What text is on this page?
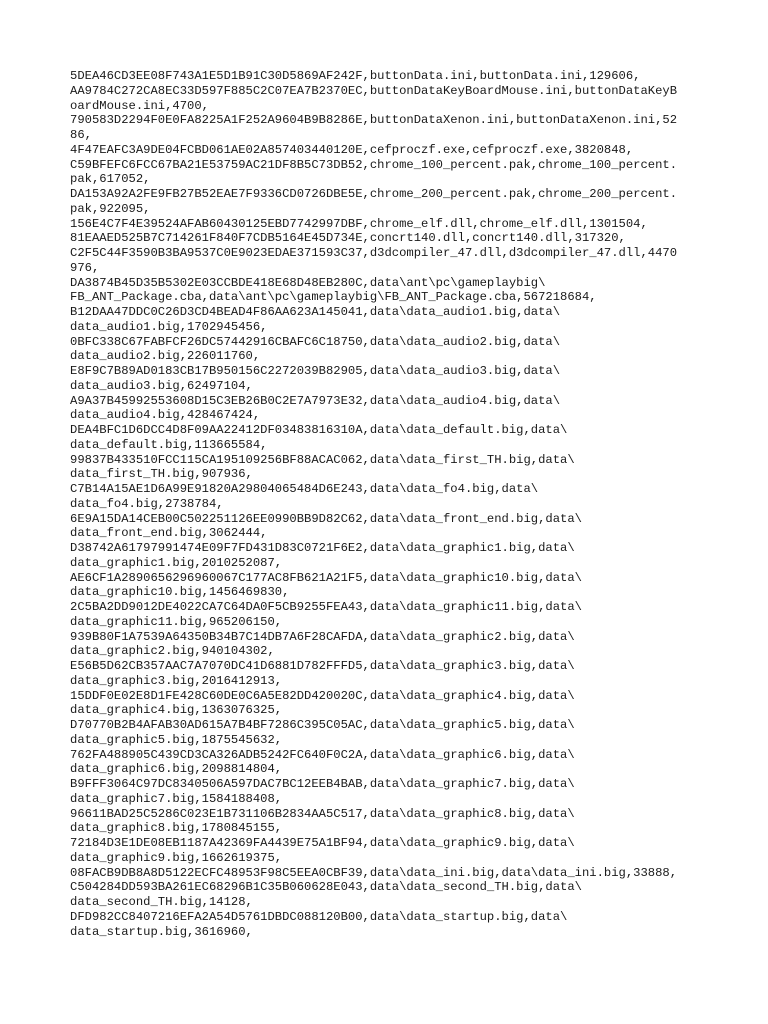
5DEA46CD3EE08F743A1E5D1B91C30D5869AF242F,buttonData.ini,buttonData.ini,129606,
AA9784C272CA8EC33D597F885C2C07EA7B2370EC,buttonDataKeyBoardMouse.ini,buttonDataKeyB
oardMouse.ini,4700,
790583D2294F0E0FA8225A1F252A9604B9B8286E,buttonDataXenon.ini,buttonDataXenon.ini,52
86,
4F47EAFC3A9DE04FCBD061AE02A857403440120E,cefproczf.exe,cefproczf.exe,3820848,
C59BFEFC6FCC67BA21E53759AC21DF8B5C73DB52,chrome_100_percent.pak,chrome_100_percent.
pak,617052,
DA153A92A2FE9FB27B52EAE7F9336CD0726DBE5E,chrome_200_percent.pak,chrome_200_percent.
pak,922095,
156E4C7F4E39524AFAB60430125EBD7742997DBF,chrome_elf.dll,chrome_elf.dll,1301504,
81EAAED525B7C714261F840F7CDB5164E45D734E,concrt140.dll,concrt140.dll,317320,
C2F5C44F3590B3BA9537C0E9023EDAE371593C37,d3dcompiler_47.dll,d3dcompiler_47.dll,4470
976,
DA3874B45D35B5302E03CCBDE418E68D48EB280C,data\ant\pc\gameplaybig\
FB_ANT_Package.cba,data\ant\pc\gameplaybig\FB_ANT_Package.cba,567218684,
B12DAA47DDC0C26D3CD4BEAD4F86AA623A145041,data\data_audio1.big,data\
data_audio1.big,1702945456,
0BFC338C67FABFCF26DC57442916CBAFC6C18750,data\data_audio2.big,data\
data_audio2.big,226011760,
E8F9C7B89AD0183CB17B950156C2272039B82905,data\data_audio3.big,data\
data_audio3.big,62497104,
A9A37B45992553608D15C3EB26B0C2E7A7973E32,data\data_audio4.big,data\
data_audio4.big,428467424,
DEA4BFC1D6DCC4D8F09AA22412DF03483816310A,data\data_default.big,data\
data_default.big,113665584,
99837B433510FCC115CA195109256BF88ACAC062,data\data_first_TH.big,data\
data_first_TH.big,907936,
C7B14A15AE1D6A99E91820A29804065484D6E243,data\data_fo4.big,data\
data_fo4.big,2738784,
6E9A15DA14CEB00C502251126EE0990BB9D82C62,data\data_front_end.big,data\
data_front_end.big,3062444,
D38742A61797991474E09F7FD431D83C0721F6E2,data\data_graphic1.big,data\
data_graphic1.big,2010252087,
AE6CF1A2890656296960067C177AC8FB621A21F5,data\data_graphic10.big,data\
data_graphic10.big,1456469830,
2C5BA2DD9012DE4022CA7C64DA0F5CB9255FEA43,data\data_graphic11.big,data\
data_graphic11.big,965206150,
939B80F1A7539A64350B34B7C14DB7A6F28CAFDA,data\data_graphic2.big,data\
data_graphic2.big,940104302,
E56B5D62CB357AAC7A7070DC41D6881D782FFFD5,data\data_graphic3.big,data\
data_graphic3.big,2016412913,
15DDF0E02E8D1FE428C60DE0C6A5E82DD420020C,data\data_graphic4.big,data\
data_graphic4.big,1363076325,
D70770B2B4AFAB30AD615A7B4BF7286C395C05AC,data\data_graphic5.big,data\
data_graphic5.big,1875545632,
762FA488905C439CD3CA326ADB5242FC640F0C2A,data\data_graphic6.big,data\
data_graphic6.big,2098814804,
B9FFF3064C97DC8340506A597DAC7BC12EEB4BAB,data\data_graphic7.big,data\
data_graphic7.big,1584188408,
96611BAD25C5286C023E1B731106B2834AA5C517,data\data_graphic8.big,data\
data_graphic8.big,1780845155,
72184D3E1DE08EB1187A42369FA4439E75A1BF94,data\data_graphic9.big,data\
data_graphic9.big,1662619375,
08FACB9DB8A8D5122ECFC48953F98C5EEA0CBF39,data\data_ini.big,data\data_ini.big,33888,
C504284DD593BA261EC68296B1C35B060628E043,data\data_second_TH.big,data\
data_second_TH.big,14128,
DFD982CC8407216EFA2A54D5761DBDC088120B00,data\data_startup.big,data\
data_startup.big,3616960,
